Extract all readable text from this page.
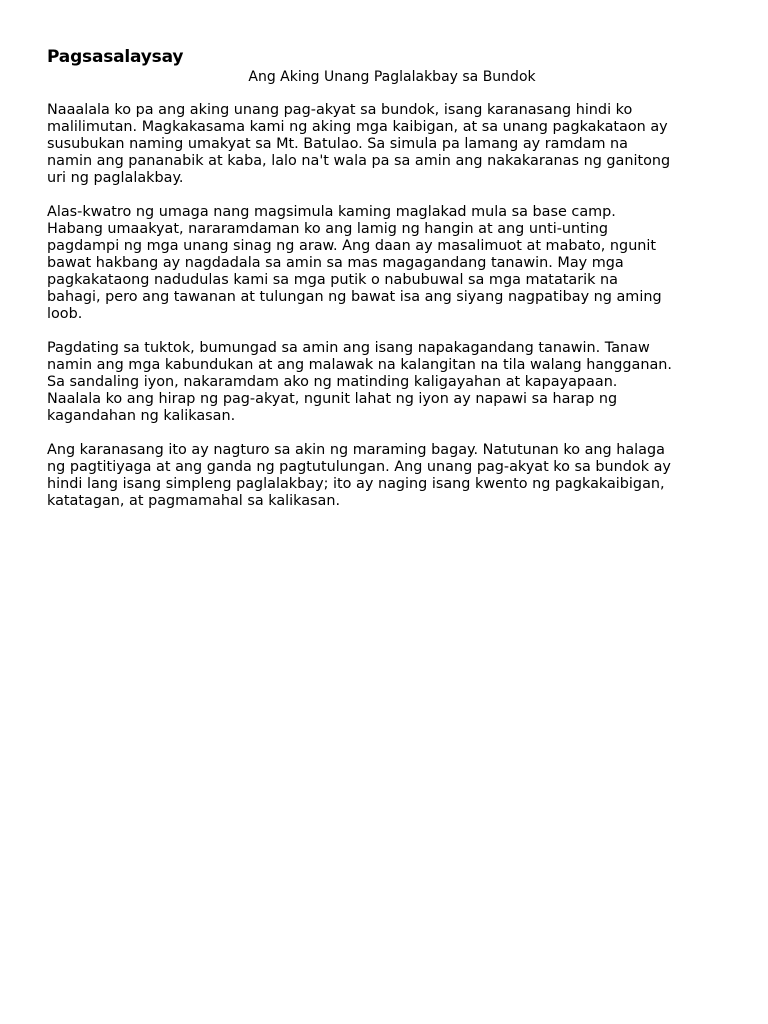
Pagsasalaysay
Ang Aking Unang Paglalakbay sa Bundok

Naaalala ko pa ang aking unang pag-akyat sa bundok, isang karanasang hindi ko
malilimutan. Magkakasama kami ng aking mga kaibigan, at sa unang pagkakataon ay
susubukan naming umakyat sa Mt. Batulao. Sa simula pa lamang ay ramdam na
namin ang pananabik at kaba, lalo na't wala pa sa amin ang nakakaranas ng ganitong
uri ng paglalakbay.

Alas-kwatro ng umaga nang magsimula kaming maglakad mula sa base camp.
Habang umaakyat, nararamdaman ko ang lamig ng hangin at ang unti-unting
pagdampi ng mga unang sinag ng araw. Ang daan ay masalimuot at mabato, ngunit
bawat hakbang ay nagdadala sa amin sa mas magagandang tanawin. May mga
pagkakataong nadudulas kami sa mga putik o nabubuwal sa mga matatarik na
bahagi, pero ang tawanan at tulungan ng bawat isa ang siyang nagpatibay ng aming
loob.

Pagdating sa tuktok, bumungad sa amin ang isang napakagandang tanawin. Tanaw
namin ang mga kabundukan at ang malawak na kalangitan na tila walang hangganan.
Sa sandaling iyon, nakaramdam ako ng matinding kaligayahan at kapayapaan.
Naalala ko ang hirap ng pag-akyat, ngunit lahat ng iyon ay napawi sa harap ng
kagandahan ng kalikasan.

Ang karanasang ito ay nagturo sa akin ng maraming bagay. Natutunan ko ang halaga
ng pagtitiyaga at ang ganda ng pagtutulungan. Ang unang pag-akyat ko sa bundok ay
hindi lang isang simpleng paglalakbay; ito ay naging isang kwento ng pagkakaibigan,
katatagan, at pagmamahal sa kalikasan.
